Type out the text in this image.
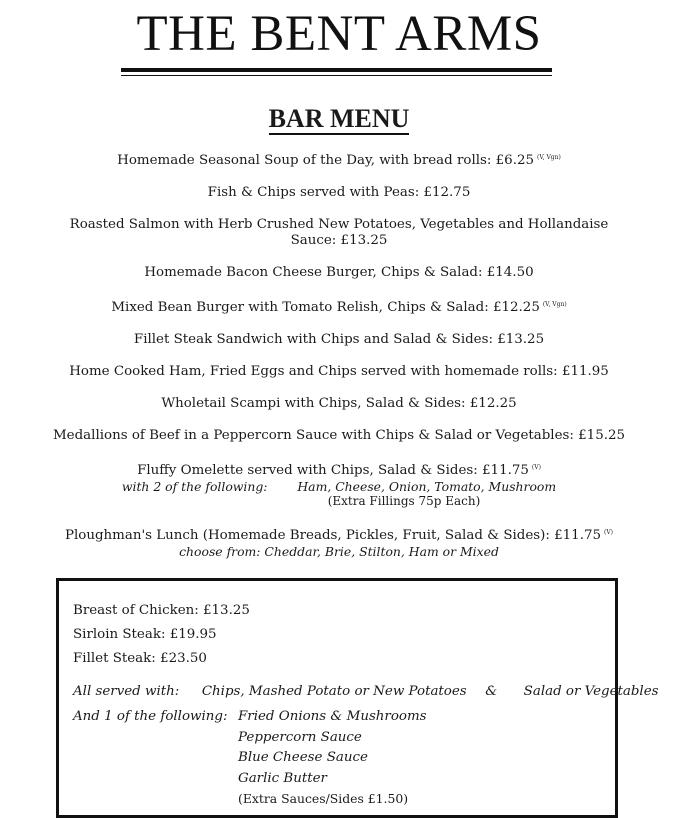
THE BENT ARMS
BAR MENU
Homemade Seasonal Soup of the Day, with bread rolls: £6.25 $^{(V, Vgn)}$
Fish & Chips served with Peas: £12.75
Roasted Salmon with Herb Crushed New Potatoes, Vegetables and Hollandaise
Sauce: £13.25
Homemade Bacon Cheese Burger, Chips & Salad: £14.50
Mixed Bean Burger with Tomato Relish, Chips & Salad: £12.25 $^{(V, Vgn)}$
Fillet Steak Sandwich with Chips and Salad & Sides: £13.25
Home Cooked Ham, Fried Eggs and Chips served with homemade rolls: £11.95
Wholetail Scampi with Chips, Salad & Sides: £12.25
Medallions of Beef in a Peppercorn Sauce with Chips & Salad or Vegetables: £15.25
Fluffy Omelette served with Chips, Salad & Sides: £11.75 $^{(V)}$
with 2 of the following: Ham, Cheese, Onion, Tomato, Mushroom
(Extra Fillings 75p Each)
Ploughman's Lunch (Homemade Breads, Pickles, Fruit, Salad & Sides): £11.75 $^{(V)}$
choose from: Cheddar, Brie, Stilton, Ham or Mixed
Breast of Chicken: £13.25
Sirloin Steak: £19.95
Fillet Steak: £23.50
All served with: Chips, Mashed Potato or New Potatoes & Salad or Vegetables
And 1 of the following: Fried Onions & Mushrooms
Peppercorn Sauce
Blue Cheese Sauce
Garlic Butter
(Extra Sauces/Sides £1.50)
